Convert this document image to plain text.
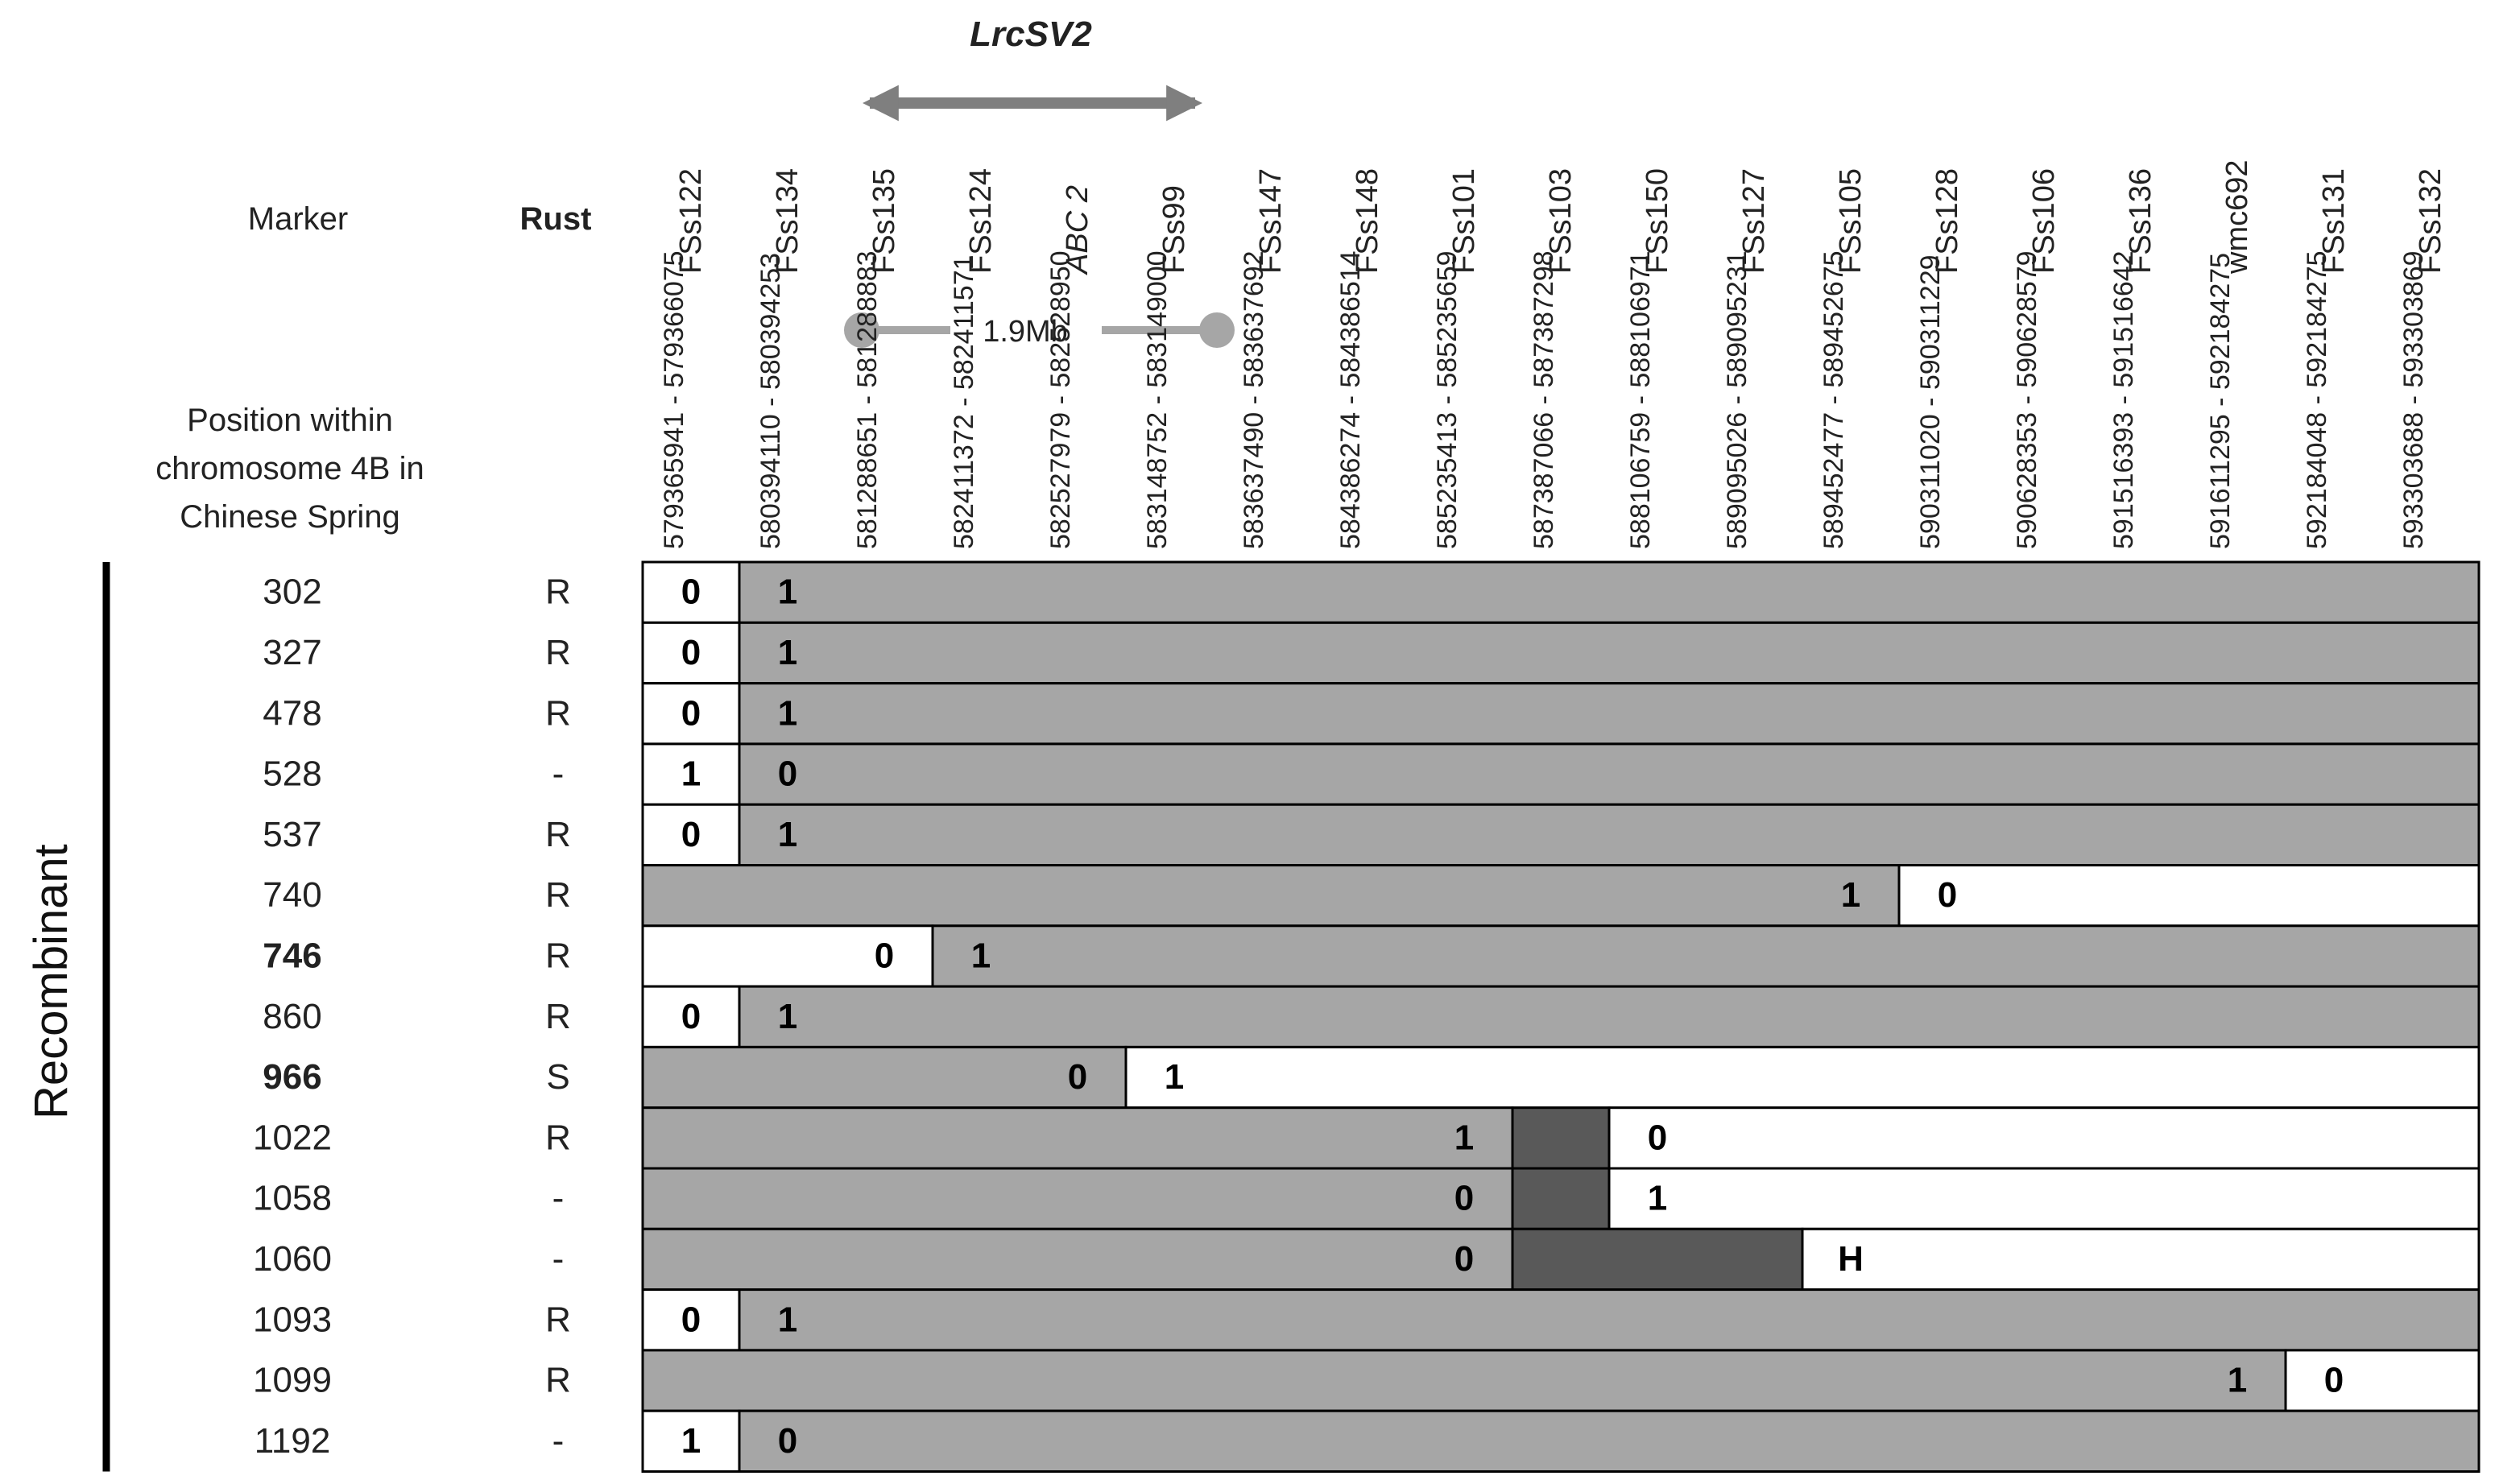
LrcSV2
Marker	Rust
Position within
chromosome 4B in
Chinese Spring
Recombinant
1.9Mb
FSs122 FSs134 FSs135 FSs124 ABC 2 FSs99 FSs147 FSs148 FSs101 FSs103 FSs150 FSs127 FSs105 FSs128 FSs106 FSs136 wmc692 FSs131 FSs132
579365941 - 579366075 580394110 - 580394253 581288651 - 581288883 582411372 - 582411571 582527979 - 582528950 583148752 - 583149000 583637490 - 583637692 584386274 - 584386514 585235413 - 585235659 587387066 - 587387298 588106759 - 588106971 589095026 - 589095231 589452477 - 589452675 590311020 - 590311229 590628353 - 590628579 591516393 - 591516642 591611295 - 592184275 592184048 - 592184275 593303688 - 593303869
302	R	0 1
327	R	0 1
478	R	0 1
528	-	1 0
537	R	0 1
740	R	1 0
746	R	0 1
860	R	0 1
966	S	0 1
1022	R	1	0
1058	-	0	1
1060	-	0	H
1093	R	0 1
1099	R	1 0
1192	-	1 0
